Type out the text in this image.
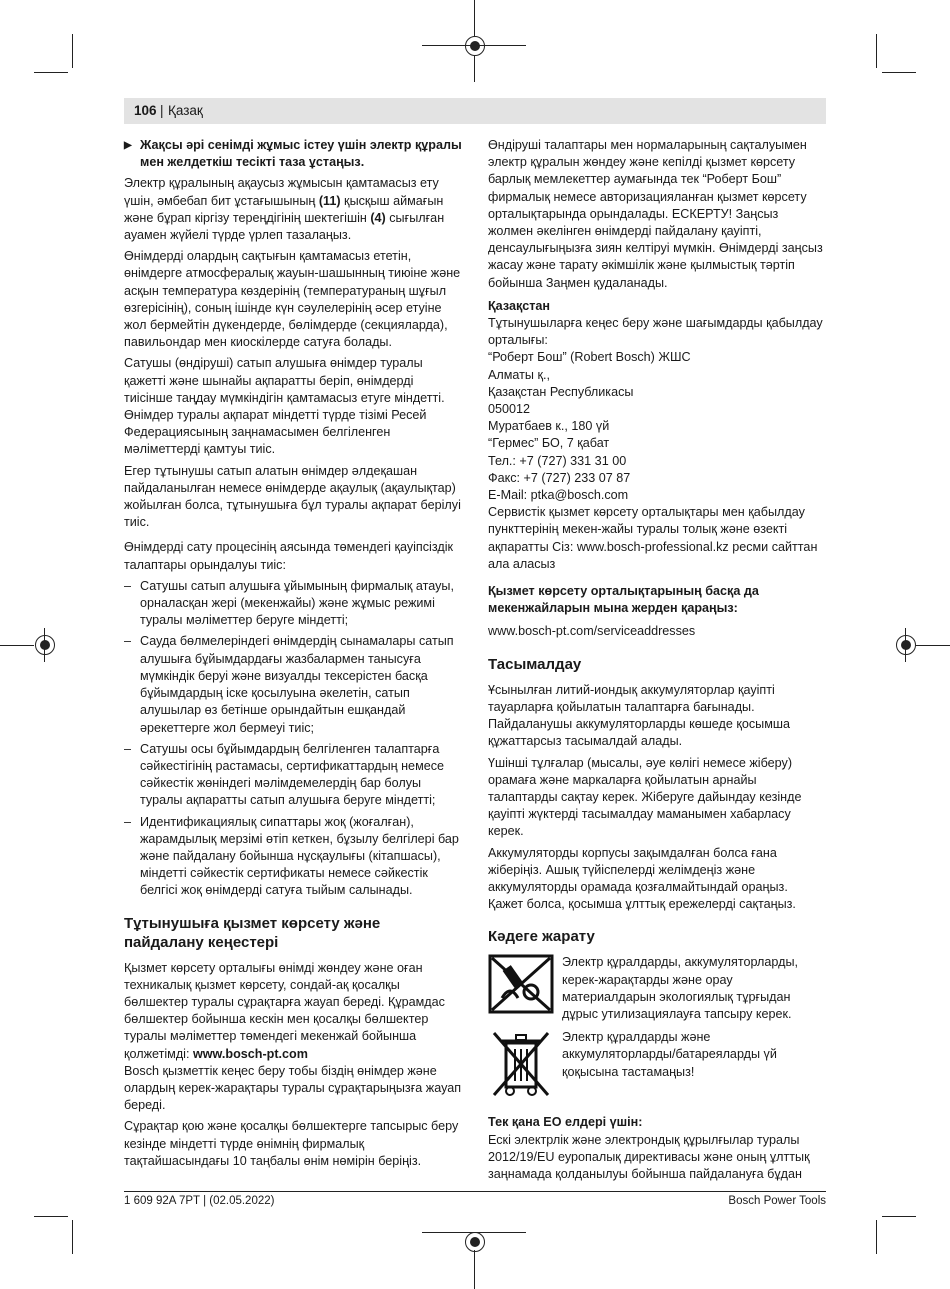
106 | Қазақ

▶ Жақсы әрі сенімді жұмыс істеу үшін электр құралы мен желдеткіш тесікті таза ұстаңыз.

Электр құралының ақаусыз жұмысын қамтамасыз ету үшін, әмбебап бит ұстағышының (11) қысқыш аймағын және бұрап кіргізу тереңдігінің шектегішін (4) сығылған ауамен жүйелі түрде үрлеп тазалаңыз.

Өнімдерді олардың сақтығын қамтамасыз ететін, өнімдерге атмосфералық жауын-шашынның тиюіне және асқын температура көздерінің (температураның шұғыл өзгерісінің), соның ішінде күн сәулелерінің әсер етуіне жол бермейтін дүкендерде, бөлімдерде (секцияларда), павильондар мен киоскілерде сатуға болады.

Сатушы (өндіруші) сатып алушыға өнімдер туралы қажетті және шынайы ақпаратты беріп, өнімдерді тиісінше таңдау мүмкіндігін қамтамасыз етуге міндетті. Өнімдер туралы ақпарат міндетті түрде тізімі Ресей Федерациясының заңнамасымен белгіленген мәліметтерді қамтуы тиіс.

Егер тұтынушы сатып алатын өнімдер әлдеқашан пайдаланылған немесе өнімдерде ақаулық (ақаулықтар) жойылған болса, тұтынушыға бұл туралы ақпарат берілуі тиіс.

Өнімдерді сату процесінің аясында төмендегі қауіпсіздік талаптары орындалуы тиіс:

– Сатушы сатып алушыға ұйымының фирмалық атауы, орналасқан жері (мекенжайы) және жұмыс режимі туралы мәліметтер беруге міндетті;

– Сауда бөлмелеріндегі өнімдердің сынамалары сатып алушыға бұйымдардағы жазбалармен танысуға мүмкіндік беруі және визуалды тексерістен басқа бұйымдардың іске қосылуына әкелетін, сатып алушылар өз бетінше орындайтын ешқандай әрекеттерге жол бермеуі тиіс;

– Сатушы осы бұйымдардың белгіленген талаптарға сәйкестігінің растамасы, сертификаттардың немесе сәйкестік жөніндегі мәлімдемелердің бар болуы туралы ақпаратты сатып алушыға беруге міндетті;

– Идентификациялық сипаттары жоқ (жоғалған), жарамдылық мерзімі өтіп кеткен, бұзылу белгілері бар және пайдалану бойынша нұсқаулығы (кітапшасы), міндетті сәйкестік сертификаты немесе сәйкестік белгісі жоқ өнімдерді сатуға тыйым салынады.

Тұтынушыға қызмет көрсету және пайдалану кеңестері

Қызмет көрсету орталығы өнімді жөндеу және оған техникалық қызмет көрсету, сондай-ақ қосалқы бөлшектер туралы сұрақтарға жауап береді. Құрамдас бөлшектер бойынша кескін мен қосалқы бөлшектер туралы мәліметтер төмендегі мекенжай бойынша қолжетімді: www.bosch-pt.com

Bosch қызметтік кеңес беру тобы біздің өнімдер және олардың керек-жарақтары туралы сұрақтарыңызға жауап береді.

Сұрақтар қою және қосалқы бөлшектерге тапсырыс беру кезінде міндетті түрде өнімнің фирмалық тақтайшасындағы 10 таңбалы өнім нөмірін беріңіз.

Өндіруші талаптары мен нормаларының сақталуымен электр құралын жөндеу және кепілді қызмет көрсету барлық мемлекеттер аумағында тек “Роберт Бош” фирмалық немесе авторизацияланған қызмет көрсету орталықтарында орындалады. ЕСКЕРТУ! Заңсыз жолмен әкелінген өнімдерді пайдалану қауіпті, денсаулығыңызға зиян келтіруі мүмкін. Өнімдерді заңсыз жасау және тарату әкімшілік және қылмыстық тәртіп бойынша Заңмен қудаланады.

Қазақстан
Тұтынушыларға кеңес беру және шағымдарды қабылдау орталығы:
“Роберт Бош” (Robert Bosch) ЖШС
Алматы қ.,
Қазақстан Республикасы
050012
Муратбаев к., 180 үй
“Гермес” БО, 7 қабат
Тел.: +7 (727) 331 31 00
Факс: +7 (727) 233 07 87
E-Mail: ptka@bosch.com
Сервистік қызмет көрсету орталықтары мен қабылдау пункттерінің мекен-жайы туралы толық және өзекті ақпаратты Сіз: www.bosch-professional.kz ресми сайттан ала аласыз
Қызмет көрсету орталықтарының басқа да мекенжайларын мына жерден қараңыз:

www.bosch-pt.com/serviceaddresses

Тасымалдау

Ұсынылған литий-иондық аккумуляторлар қауіпті тауарларға қойылатын талаптарға бағынады. Пайдаланушы аккумуляторларды көшеде қосымша құжаттарсыз тасымалдай алады.

Үшінші тұлғалар (мысалы, әуе көлігі немесе жіберу) орамаға және маркаларға қойылатын арнайы талаптарды сақтау керек. Жіберуге дайындау кезінде қауіпті жүктерді тасымалдау маманымен хабарласу керек.

Аккумуляторды корпусы зақымдалған болса ғана жіберіңіз. Ашық түйіспелерді желімдеңіз және аккумуляторды орамада қозғалмайтындай ораңыз. Қажет болса, қосымша ұлттық ережелерді сақтаңыз.

Кәдеге жарату
Электр құралдарды, аккумуляторларды, керек-жарақтарды және орау материалдарын экологиялық тұрғыдан дұрыс утилизациялауға тапсыру керек.
Электр құралдарды және аккумуляторларды/батареяларды үй қоқысына тастамаңыз!
Тек қана ЕО елдері үшін:

Ескі электрлік және электрондық құрылғылар туралы 2012/19/EU еуропалық директивасы және оның ұлттық заңнамада қолданылуы бойынша пайдалануға бұдан

1 609 92A 7PT | (02.05.2022)	Bosch Power Tools
